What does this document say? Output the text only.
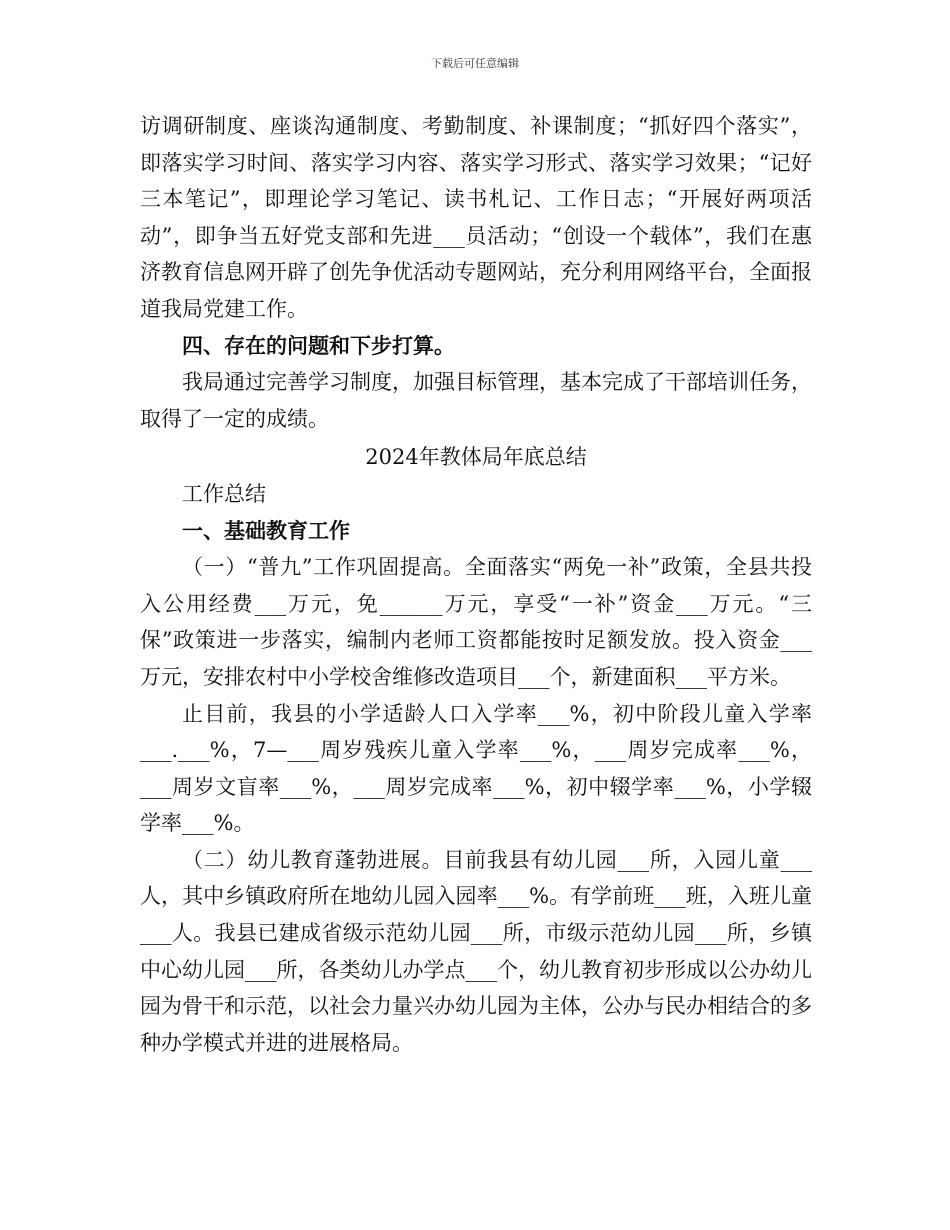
下载后可任意编辑

访调研制度、座谈沟通制度、考勤制度、补课制度；“抓好四个落实”，即落实学习时间、落实学习内容、落实学习形式、落实学习效果；“记好三本笔记”，即理论学习笔记、读书札记、工作日志；“开展好两项活动”，即争当五好党支部和先进___员活动；“创设一个载体”，我们在惠济教育信息网开辟了创先争优活动专题网站，充分利用网络平台，全面报道我局党建工作。

四、存在的问题和下步打算。

我局通过完善学习制度，加强目标管理，基本完成了干部培训任务，取得了一定的成绩。

2024年教体局年底总结

工作总结

一、基础教育工作

（一）“普九”工作巩固提高。全面落实“两免一补”政策，全县共投入公用经费___万元，免______万元，享受“一补”资金___万元。“三保”政策进一步落实，编制内老师工资都能按时足额发放。投入资金___万元，安排农村中小学校舍维修改造项目___个，新建面积___平方米。

止目前，我县的小学适龄人口入学率___%，初中阶段儿童入学率___.___%，7—___周岁残疾儿童入学率___%，___周岁完成率___%，___周岁文盲率___%，___周岁完成率___%，初中辍学率___%，小学辍学率___%。

（二）幼儿教育蓬勃进展。目前我县有幼儿园___所，入园儿童___人，其中乡镇政府所在地幼儿园入园率___%。有学前班___班，入班儿童___人。我县已建成省级示范幼儿园___所，市级示范幼儿园___所，乡镇中心幼儿园___所，各类幼儿办学点___个，幼儿教育初步形成以公办幼儿园为骨干和示范，以社会力量兴办幼儿园为主体，公办与民办相结合的多种办学模式并进的进展格局。
